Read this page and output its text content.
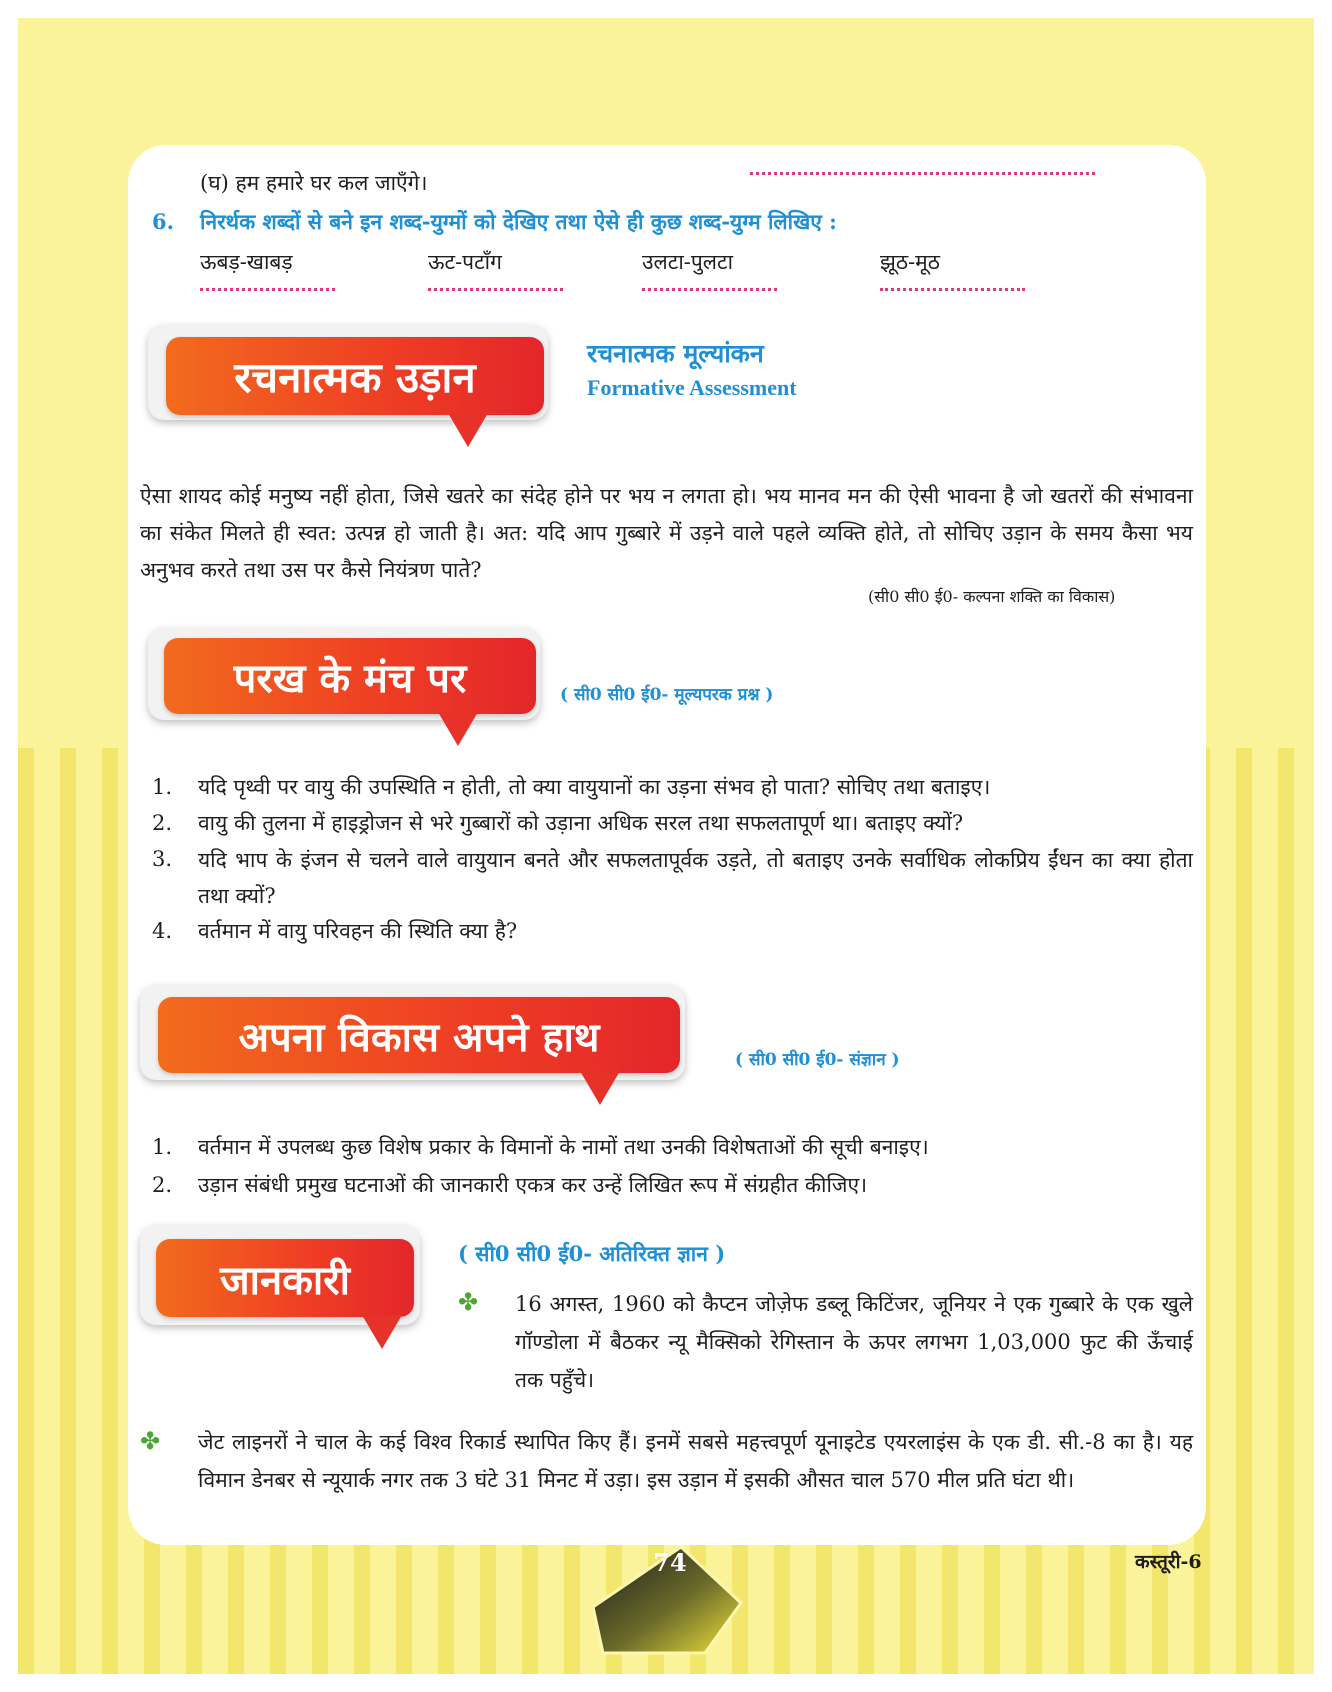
(घ) हम हमारे घर कल जाएँगे।
6. निरर्थक शब्दों से बने इन शब्द-युग्मों को देखिए तथा ऐसे ही कुछ शब्द-युग्म लिखिए :
ऊबड़-खाबड़	ऊट-पटाँग	उलटा-पुलटा	झूठ-मूठ
रचनात्मक उड़ान	रचनात्मक मूल्यांकन
Formative Assessment
ऐसा शायद कोई मनुष्य नहीं होता, जिसे खतरे का संदेह होने पर भय न लगता हो। भय मानव मन की ऐसी भावना है जो खतरों की संभावना का संकेत मिलते ही स्वत: उत्पन्न हो जाती है। अत: यदि आप गुब्बारे में उड़ने वाले पहले व्यक्ति होते, तो सोचिए उड़ान के समय कैसा भय अनुभव करते तथा उस पर कैसे नियंत्रण पाते?
(सी0 सी0 ई0- कल्पना शक्ति का विकास)
परख के मंच पर	( सी0 सी0 ई0- मूल्यपरक प्रश्न )
1. यदि पृथ्वी पर वायु की उपस्थिति न होती, तो क्या वायुयानों का उड़ना संभव हो पाता? सोचिए तथा बताइए।
2. वायु की तुलना में हाइड्रोजन से भरे गुब्बारों को उड़ाना अधिक सरल तथा सफलतापूर्ण था। बताइए क्यों?
3. यदि भाप के इंजन से चलने वाले वायुयान बनते और सफलतापूर्वक उड़ते, तो बताइए उनके सर्वाधिक लोकप्रिय ईंधन का क्या होता तथा क्यों?
4. वर्तमान में वायु परिवहन की स्थिति क्या है?
अपना विकास अपने हाथ	( सी0 सी0 ई0- संज्ञान )
1. वर्तमान में उपलब्ध कुछ विशेष प्रकार के विमानों के नामों तथा उनकी विशेषताओं की सूची बनाइए।
2. उड़ान संबंधी प्रमुख घटनाओं की जानकारी एकत्र कर उन्हें लिखित रूप में संग्रहीत कीजिए।
जानकारी
( सी0 सी0 ई0- अतिरिक्त ज्ञान )
✤ 16 अगस्त, 1960 को कैप्टन जोज़ेफ डब्लू किटिंजर, जूनियर ने एक गुब्बारे के एक खुले गॉण्डोला में बैठकर न्यू मैक्सिको रेगिस्तान के ऊपर लगभग 1,03,000 फुट की ऊँचाई तक पहुँचे।
✤ जेट लाइनरों ने चाल के कई विश्व रिकार्ड स्थापित किए हैं। इनमें सबसे महत्त्वपूर्ण यूनाइटेड एयरलाइंस के एक डी. सी.-8 का है। यह विमान डेनबर से न्यूयार्क नगर तक 3 घंटे 31 मिनट में उड़ा। इस उड़ान में इसकी औसत चाल 570 मील प्रति घंटा थी।
74	कस्तूरी-6
